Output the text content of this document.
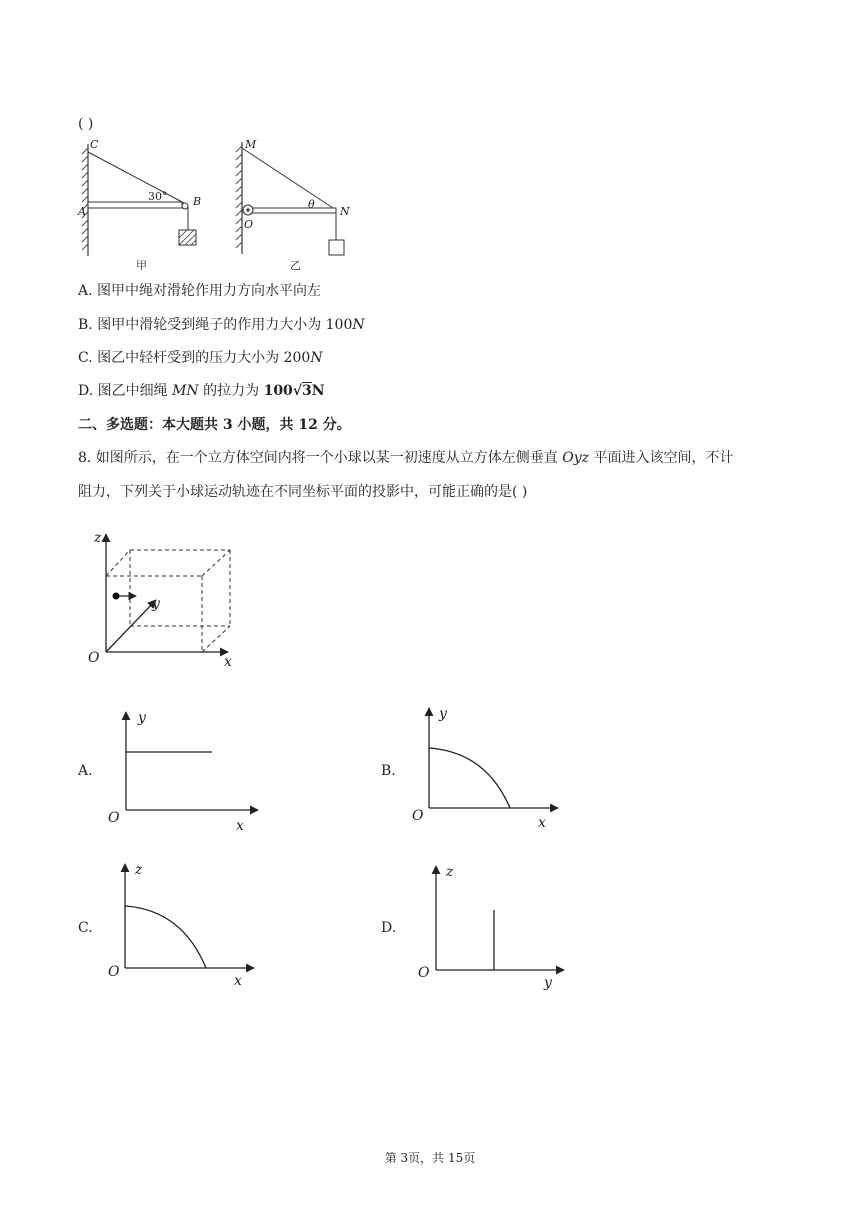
( )
C
A
B
30°
甲
M
O
N
θ
乙
A. 图甲中绳对滑轮作用力方向水平向左
B. 图甲中滑轮受到绳子的作用力大小为 100N
C. 图乙中轻杆受到的压力大小为 200N
D. 图乙中细绳 MN 的拉力为 100√3N
二、多选题：本大题共 3 小题，共 12 分。
8. 如图所示，在一个立方体空间内将一个小球以某一初速度从立方体左侧垂直 Oyz 平面进入该空间，不计
阻力，下列关于小球运动轨迹在不同坐标平面的投影中，可能正确的是( )
z
y
x
O
A.
y
x
O
B.
y
x
O
C.
z
x
O
D.
z
y
O
第 3页，共 15页
